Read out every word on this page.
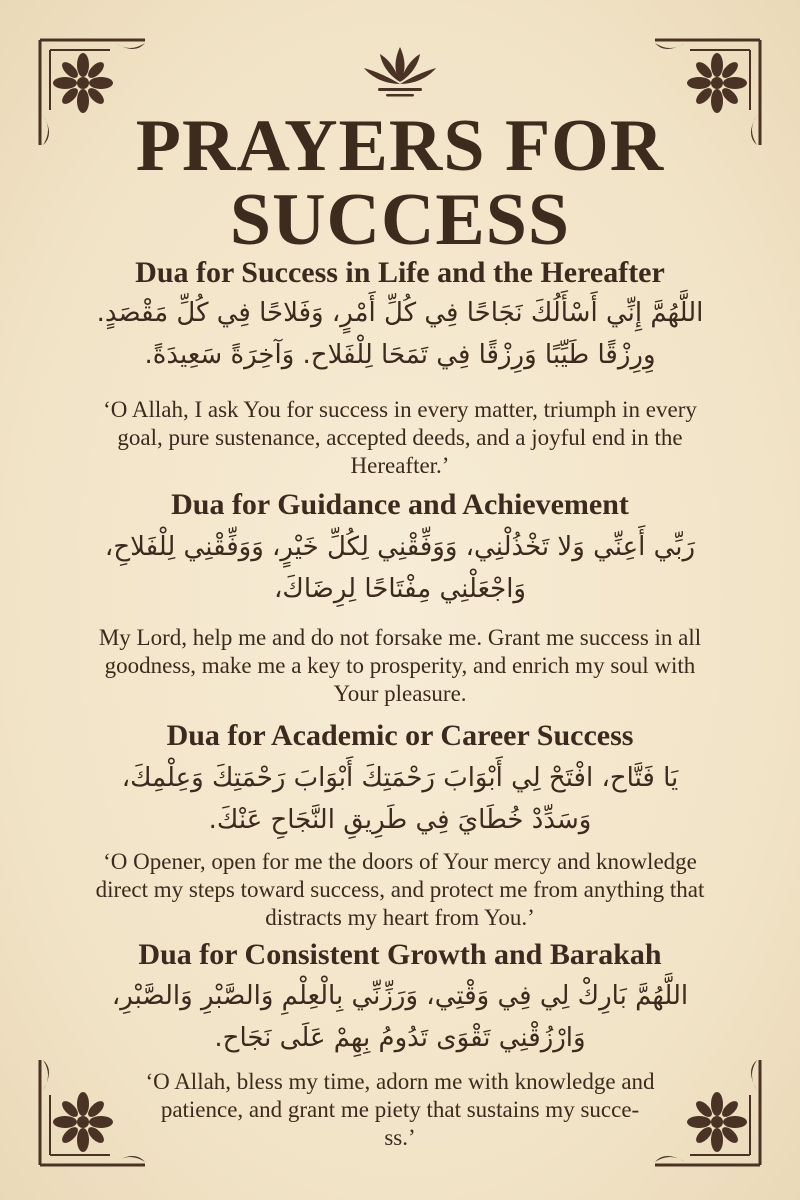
PRAYERS FOR
SUCCESS
Dua for Success in Life and the Hereafter
اللَّهُمَّ إِنِّي أَسْأَلُكَ نَجَاحًا فِي كُلِّ أَمْرٍ، وَفَلاحًا فِي كُلِّ مَقْصَدٍ.
وِرِزْقًا طَيِّبًا وَرِزْقًا فِي تَمَحَا لِلْفَلاح. وَآخِرَةً سَعِيدَةً.
‘O Allah, I ask You for success in every matter, triumph in every
goal, pure sustenance, accepted deeds, and a joyful end in the
Hereafter.’
Dua for Guidance and Achievement
رَبِّي أَعِنِّي وَلا تَخْذُلْنِي، وَوَفِّقْنِي لِكُلِّ خَيْرٍ، وَوَفِّقْنِي لِلْفَلاحِ،
وَاجْعَلْنِي مِفْتَاحًا لِرِضَاكَ،
My Lord, help me and do not forsake me. Grant me success in all
goodness, make me a key to prosperity, and enrich my soul with
Your pleasure.
Dua for Academic or Career Success
يَا فَتَّاح، افْتَحْ لِي أَبْوَابَ رَحْمَتِكَ أَبْوَابَ رَحْمَتِكَ وَعِلْمِكَ،
وَسَدِّدْ خُطَايَ فِي طَرِيقِ النَّجَاحِ عَنْكَ.
‘O Opener, open for me the doors of Your mercy and knowledge
direct my steps toward success, and protect me from anything that
distracts my heart from You.’
Dua for Consistent Growth and Barakah
اللَّهُمَّ بَارِكْ لِي فِي وَقْتِي، وَرَزِّنِّي بِالْعِلْمِ وَالصَّبْرِ وَالصَّبْرِ،
وَارْزُقْنِي تَقْوَى تَدُومُ بِهِمْ عَلَى نَجَاح.
‘O Allah, bless my time, adorn me with knowledge and
patience, and grant me piety that sustains my succe-
ss.’
